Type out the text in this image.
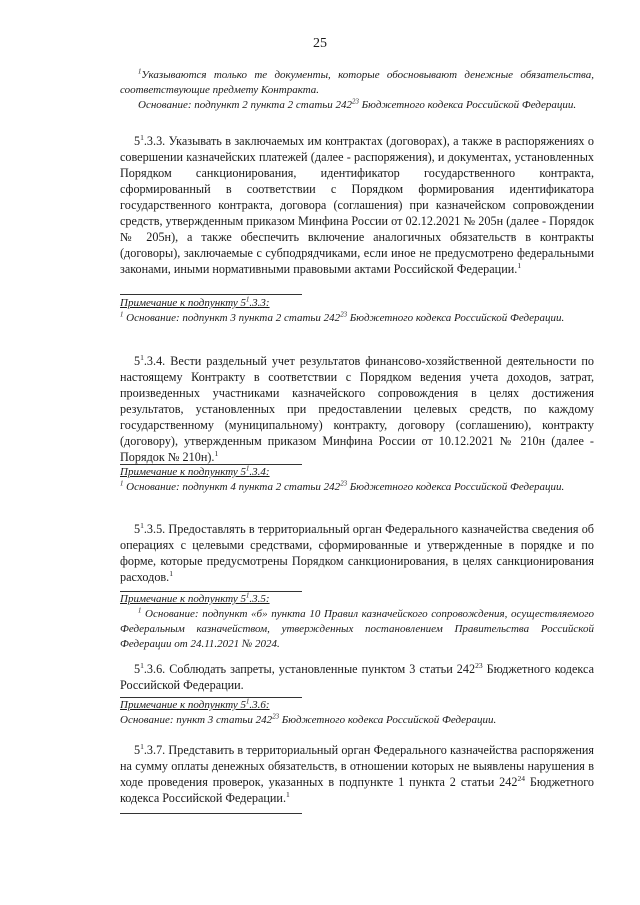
25

$^1$Указываются только те документы, которые обосновывают денежные обязательства, соответствующие предмету Контракта.

Основание: подпункт 2 пункта 2 статьи $242^{23}$ Бюджетного кодекса Российской Федерации.

$5^1.3.3$. Указывать в заключаемых им контрактах (договорах), а также в распоряжениях о совершении казначейских платежей (далее - распоряжения), и документах, установленных Порядком санкционирования, идентификатор государственного контракта, сформированный в соответствии с Порядком формирования идентификатора государственного контракта, договора (соглашения) при казначейском сопровождении средств, утвержденным приказом Минфина России от 02.12.2021 № 205н (далее - Порядок № 205н), а также обеспечить включение аналогичных обязательств в контракты (договоры), заключаемые с субподрядчиками, если иное не предусмотрено федеральными законами, иными нормативными правовыми актами Российской Федерации.$^1$

Примечание к подпункту $5^1.3.3$:

$^1$ Основание: подпункт 3 пункта 2 статьи $242^{23}$ Бюджетного кодекса Российской Федерации.

$5^1.3.4$. Вести раздельный учет результатов финансово-хозяйственной деятельности по настоящему Контракту в соответствии с Порядком ведения учета доходов, затрат, произведенных участниками казначейского сопровождения в целях достижения результатов, установленных при предоставлении целевых средств, по каждому государственному (муниципальному) контракту, договору (соглашению), контракту (договору), утвержденным приказом Минфина России от 10.12.2021 № 210н (далее - Порядок № 210н).$^1$

Примечание к подпункту $5^1.3.4$:

$^1$ Основание: подпункт 4 пункта 2 статьи $242^{23}$ Бюджетного кодекса Российской Федерации.

$5^1.3.5$. Предоставлять в территориальный орган Федерального казначейства сведения об операциях с целевыми средствами, сформированные и утвержденные в порядке и по форме, которые предусмотрены Порядком санкционирования, в целях санкционирования расходов.$^1$

Примечание к подпункту $5^1.3.5$:

$^1$ Основание: подпункт «б» пункта 10 Правил казначейского сопровождения, осуществляемого Федеральным казначейством, утвержденных постановлением Правительства Российской Федерации от 24.11.2021 № 2024.

$5^1.3.6$. Соблюдать запреты, установленные пунктом 3 статьи $242^{23}$ Бюджетного кодекса Российской Федерации.

Примечание к подпункту $5^1.3.6$:

Основание: пункт 3 статьи $242^{23}$ Бюджетного кодекса Российской Федерации.

$5^1.3.7$. Представить в территориальный орган Федерального казначейства распоряжения на сумму оплаты денежных обязательств, в отношении которых не выявлены нарушения в ходе проведения проверок, указанных в подпункте 1 пункта 2 статьи $242^{24}$ Бюджетного кодекса Российской Федерации.$^1$
